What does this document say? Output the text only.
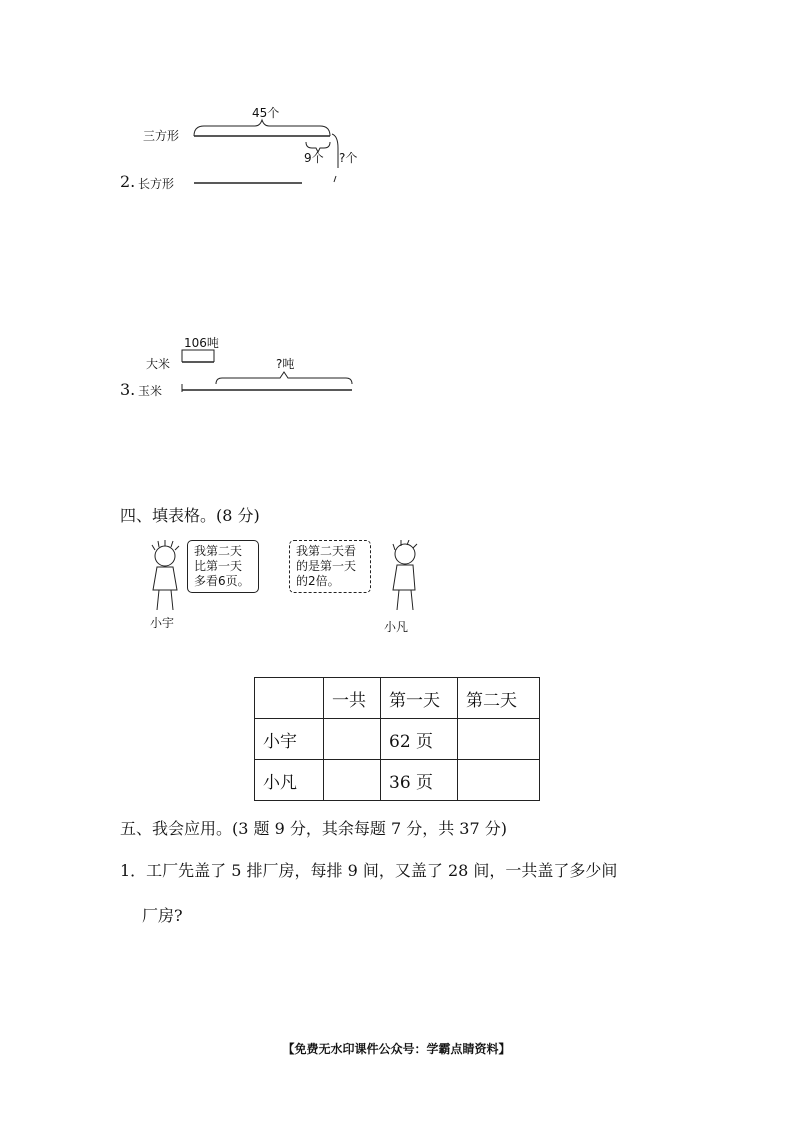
45个
三方形
9个 ?个
2. 长方形
106吨
大米	?吨
3. 玉米
四、填表格。(8 分)
我第二天
比第一天
多看6页。
小宇
我第二天看
的是第一天
的2倍。
小凡
	一共	第一天	第二天
小宇		62 页	
小凡		36 页	
五、我会应用。(3 题 9 分，其余每题 7 分，共 37 分)
1．工厂先盖了 5 排厂房，每排 9 间，又盖了 28 间，一共盖了多少间
厂房?
【免费无水印课件公众号：学霸点睛资料】
